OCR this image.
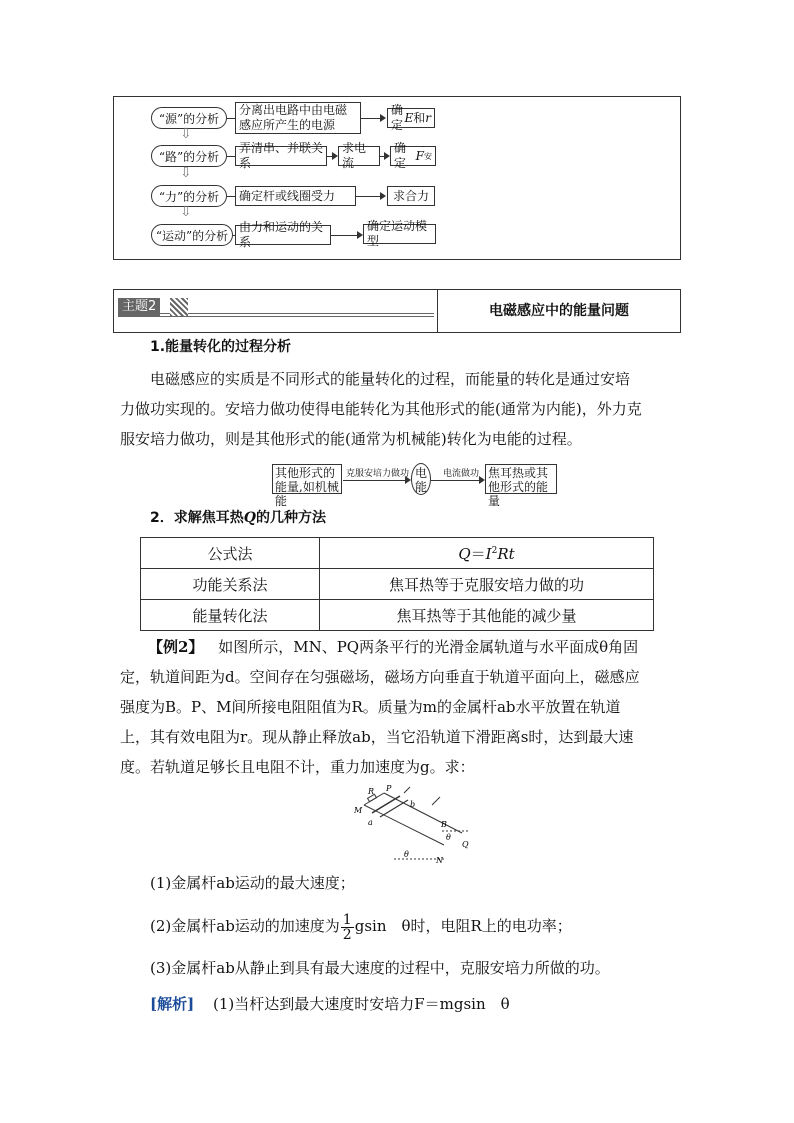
“源”的分析
分离出电路中由电磁感应所产生的电源
确定
E 和 r
⇩
“路”的分析
弄清串、并联关系
求电流
确定
F 安
⇩
“力”的分析	确定杆或线圈受力	求合力
⇩
“运动”的分析
由力和运动的关系
确定运动模型
主题2	电磁感应中的能量问题
1.能量转化的过程分析
电磁感应的实质是不同形式的能量转化的过程，而能量的转化是通过安培
力做功实现的。安培力做功使得电能转化为其他形式的能(通常为内能)，外力克
服安培力做功，则是其他形式的能(通常为机械能)转化为电能的过程。
其他形式的能量,如机械能
克服安培力做功 电能
电流做功 焦耳热或其他形式的能量
2．求解焦耳热Q的几种方法
公式法	$Q=I^2Rt$
功能关系法	焦耳热等于克服安培力做的功
能量转化法	焦耳热等于其他能的减少量
【例2】 如图所示，MN、PQ两条平行的光滑金属轨道与水平面成θ角固
定，轨道间距为d。空间存在匀强磁场，磁场方向垂直于轨道平面向上，磁感应
强度为B。P、M间所接电阻阻值为R。质量为m的金属杆ab水平放置在轨道
上，其有效电阻为r。现从静止释放ab，当它沿轨道下滑距离s时，达到最大速
度。若轨道足够长且电阻不计，重力加速度为g。求：
R P
M
a
b
B
θ
θ
Q
N
(1)金属杆ab运动的最大速度；
(2)金属杆ab运动的加速度为 $\frac{1}{2}$ gsin　θ时，电阻R上的电功率；
(3)金属杆ab从静止到具有最大速度的过程中，克服安培力所做的功。
[解析] (1)当杆达到最大速度时安培力F＝mgsin　θ
